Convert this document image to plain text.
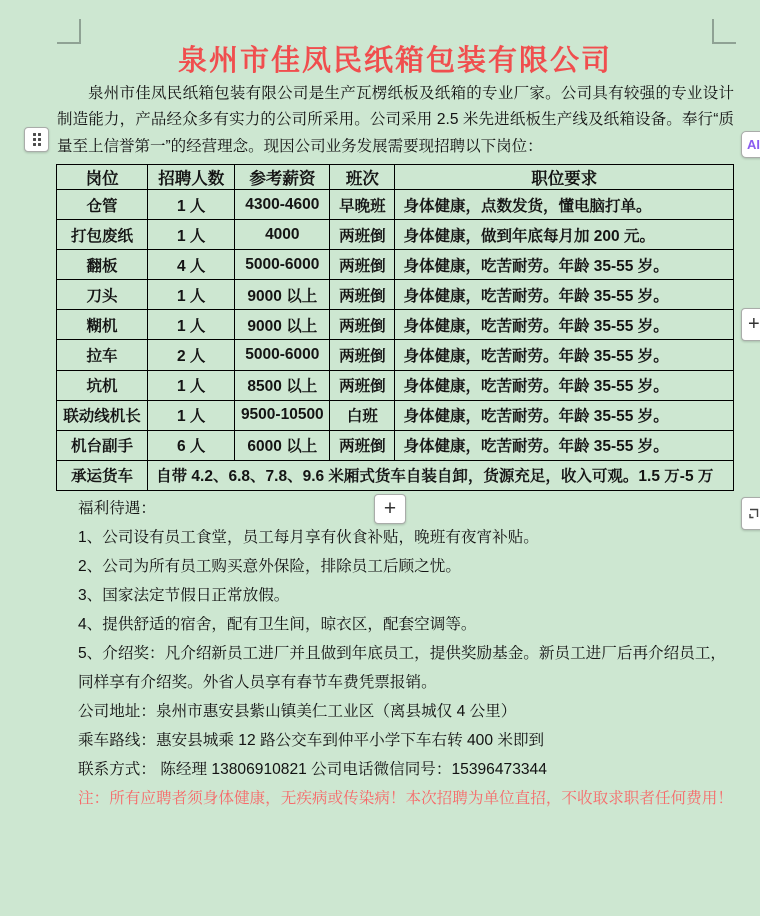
AI
+
+
泉州市佳凤民纸箱包装有限公司
泉州市佳凤民纸箱包装有限公司是生产瓦楞纸板及纸箱的专业厂家。公司具有较强的专业设计制造能力，产品经众多有实力的公司所采用。公司采用 2.5 米先进纸板生产线及纸箱设备。奉行“质量至上信誉第一”的经营理念。现因公司业务发展需要现招聘以下岗位：
岗位	招聘人数	参考薪资	班次	职位要求
仓管	1 人	4300-4600	早晚班	身体健康，点数发货，懂电脑打单。
打包废纸	1 人	4000	两班倒	身体健康，做到年底每月加 200 元。
翻板	4 人	5000-6000	两班倒	身体健康，吃苦耐劳。年龄 35-55 岁。
刀头	1 人	9000 以上	两班倒	身体健康，吃苦耐劳。年龄 35-55 岁。
糊机	1 人	9000 以上	两班倒	身体健康，吃苦耐劳。年龄 35-55 岁。
拉车	2 人	5000-6000	两班倒	身体健康，吃苦耐劳。年龄 35-55 岁。
坑机	1 人	8500 以上	两班倒	身体健康，吃苦耐劳。年龄 35-55 岁。
联动线机长	1 人	9500-10500	白班	身体健康，吃苦耐劳。年龄 35-55 岁。
机台副手	6 人	6000 以上	两班倒	身体健康，吃苦耐劳。年龄 35-55 岁。
承运货车	自带 4.2、6.8、7.8、9.6 米厢式货车自装自卸，货源充足，收入可观。1.5 万-5 万			
福利待遇：
1、公司设有员工食堂，员工每月享有伙食补贴，晚班有夜宵补贴。
2、公司为所有员工购买意外保险，排除员工后顾之忧。
3、国家法定节假日正常放假。
4、提供舒适的宿舍，配有卫生间，晾衣区，配套空调等。
5、介绍奖：凡介绍新员工进厂并且做到年底员工，提供奖励基金。新员工进厂后再介绍员工，同样享有介绍奖。外省人员享有春节车费凭票报销。
公司地址：泉州市惠安县紫山镇美仁工业区（离县城仅 4 公里）
乘车路线：惠安县城乘 12 路公交车到仲平小学下车右转 400 米即到
联系方式： 陈经理 13806910821 公司电话微信同号：15396473344
注：所有应聘者须身体健康，无疾病或传染病！本次招聘为单位直招，不收取求职者任何费用！
